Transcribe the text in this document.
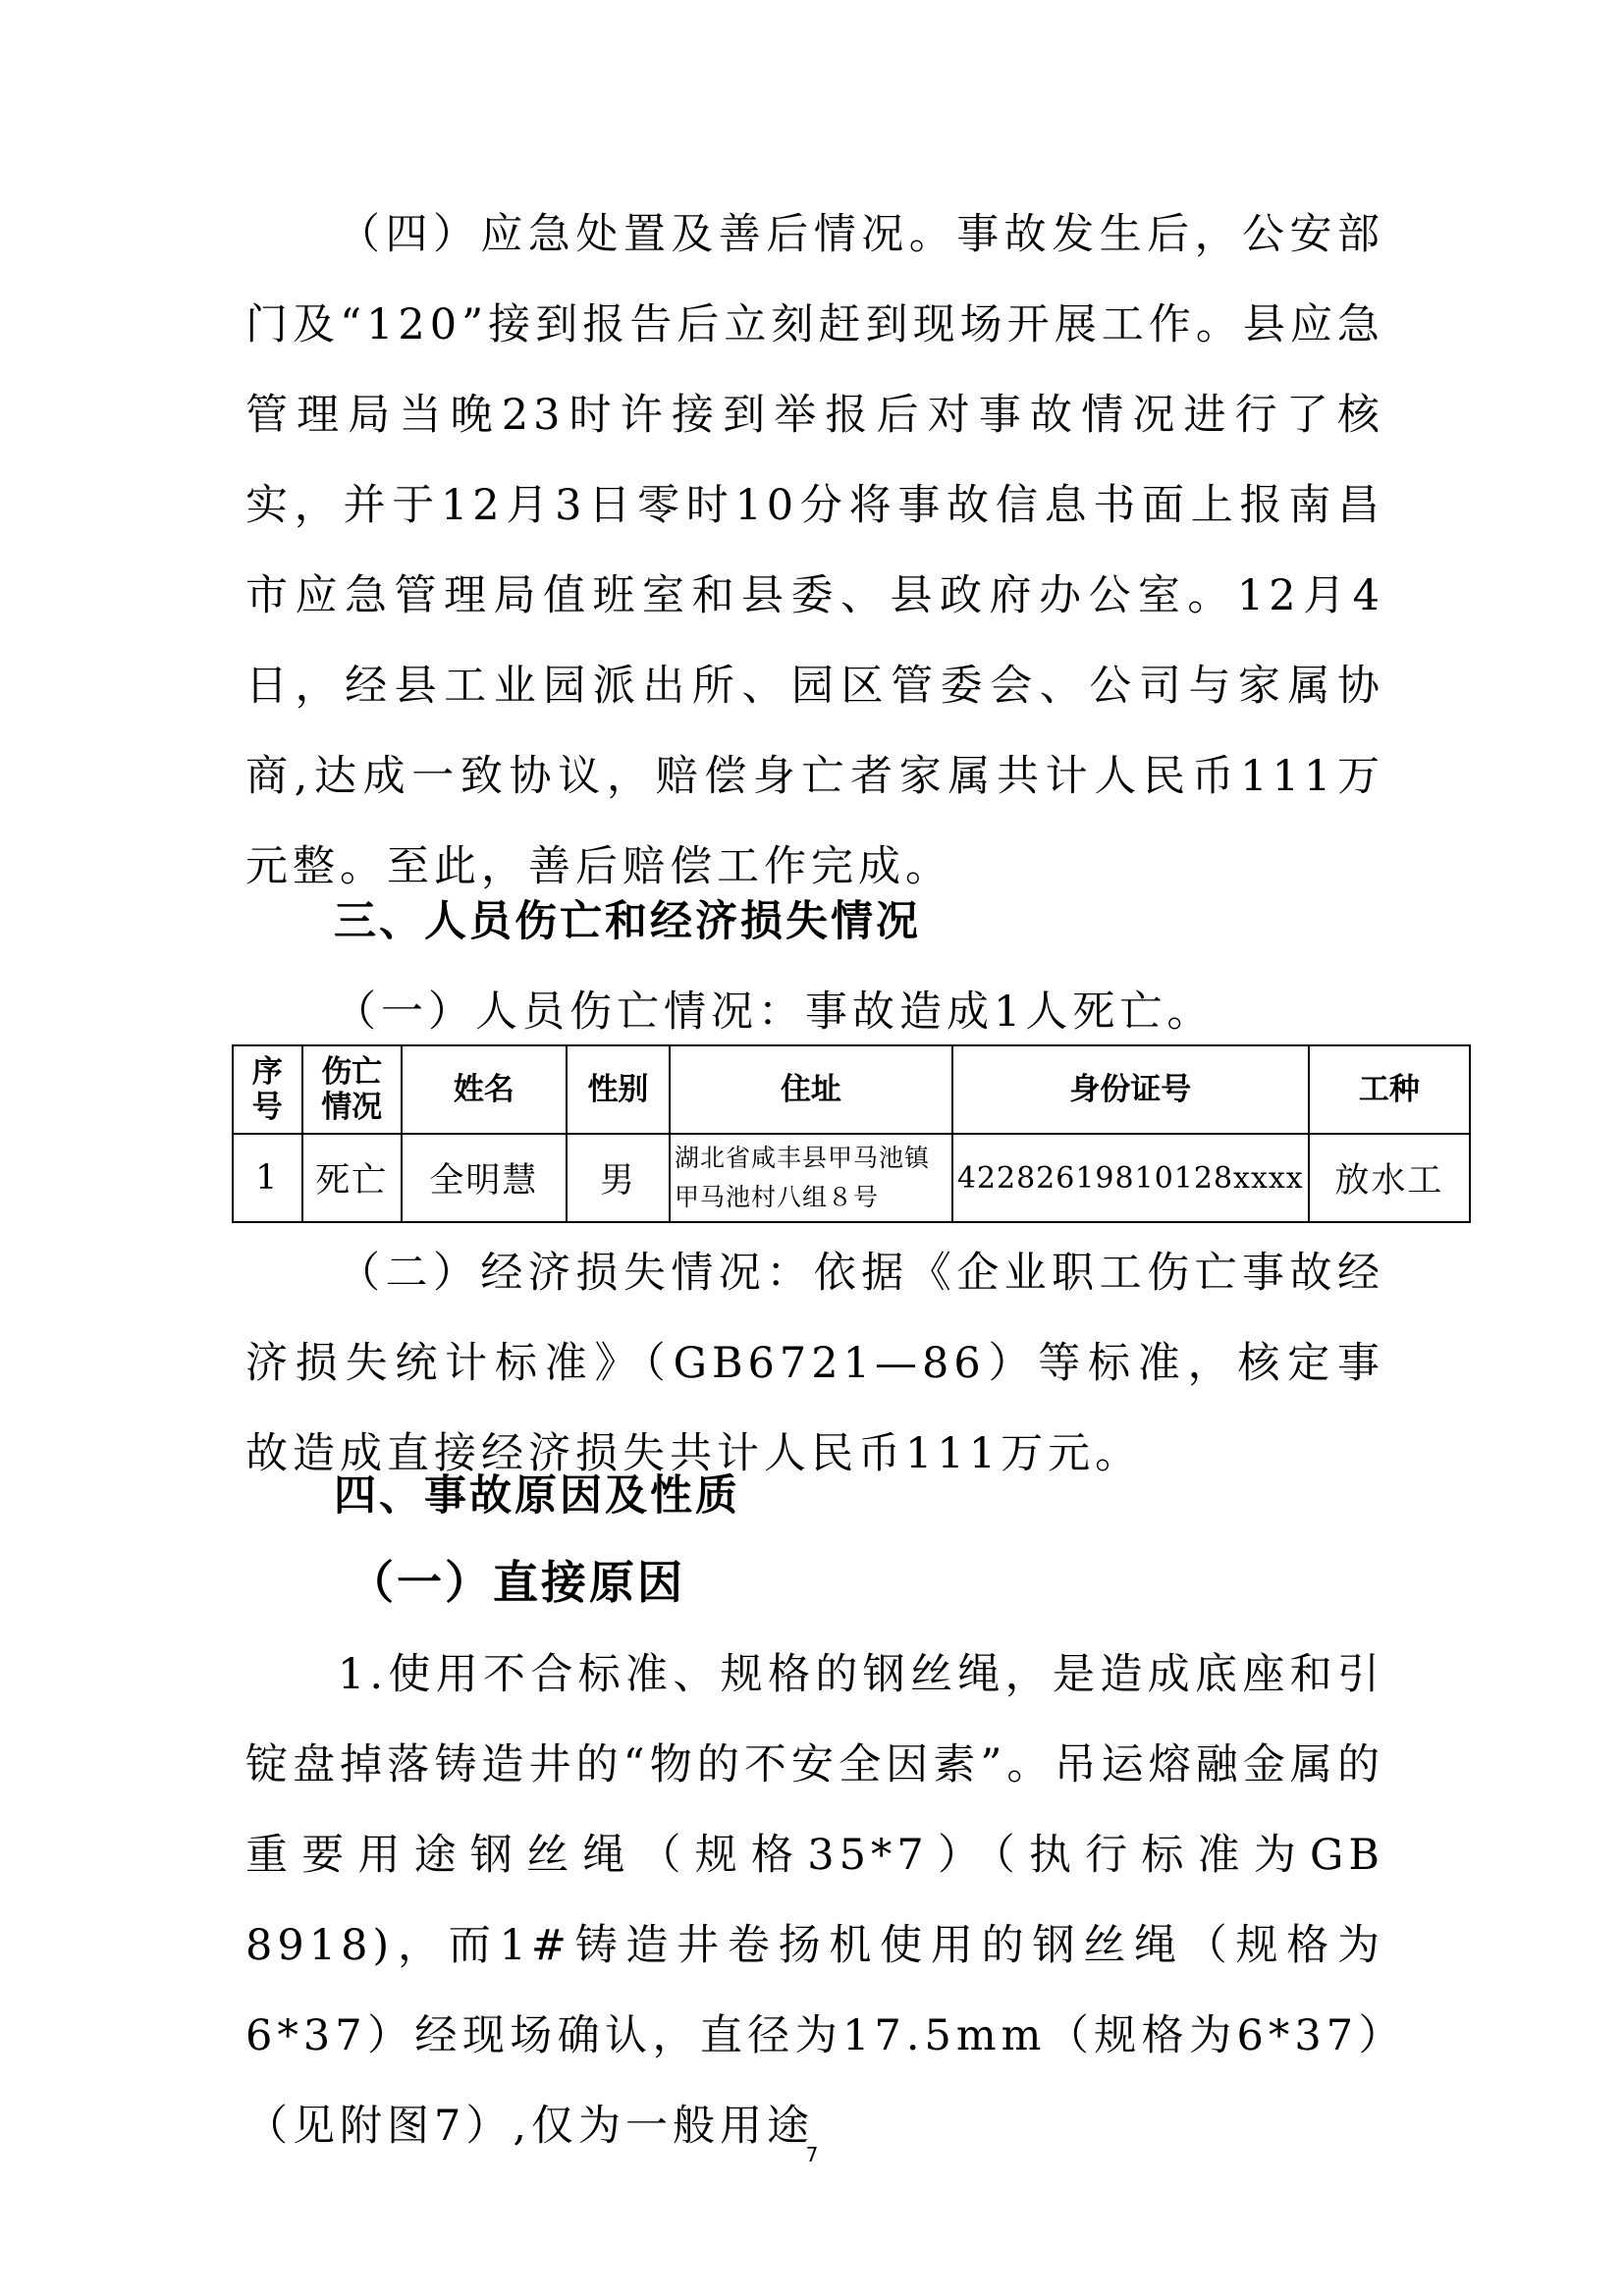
（四）应急处置及善后情况。事故发生后，公安部门及“120”接到报告后立刻赶到现场开展工作。县应急管理局当晚23时许接到举报后对事故情况进行了核实，并于12月3日零时10分将事故信息书面上报南昌市应急管理局值班室和县委、县政府办公室。12月4日，经县工业园派出所、园区管委会、公司与家属协商,达成一致协议，赔偿身亡者家属共计人民币111万元整。至此，善后赔偿工作完成。

三、人员伤亡和经济损失情况

（一）人员伤亡情况：事故造成1人死亡。

序号	伤亡情况	姓名	性别	住址	身份证号	工种
1	死亡	全明慧	男	湖北省咸丰县甲马池镇
甲马池村八组８号	42282619810128xxxx	放水工

（二）经济损失情况：依据《企业职工伤亡事故经济损失统计标准》（GB6721—86）等标准，核定事故造成直接经济损失共计人民币111万元。

四、事故原因及性质
（一）直接原因

1.使用不合标准、规格的钢丝绳，是造成底座和引锭盘掉落铸造井的“物的不安全因素”。吊运熔融金属的重要用途钢丝绳（规格35*7）（执行标准为GB 8918)，而1#铸造井卷扬机使用的钢丝绳（规格为6*37）经现场确认，直径为17.5mm（规格为6*37）（见附图7）,仅为一般用途

7
